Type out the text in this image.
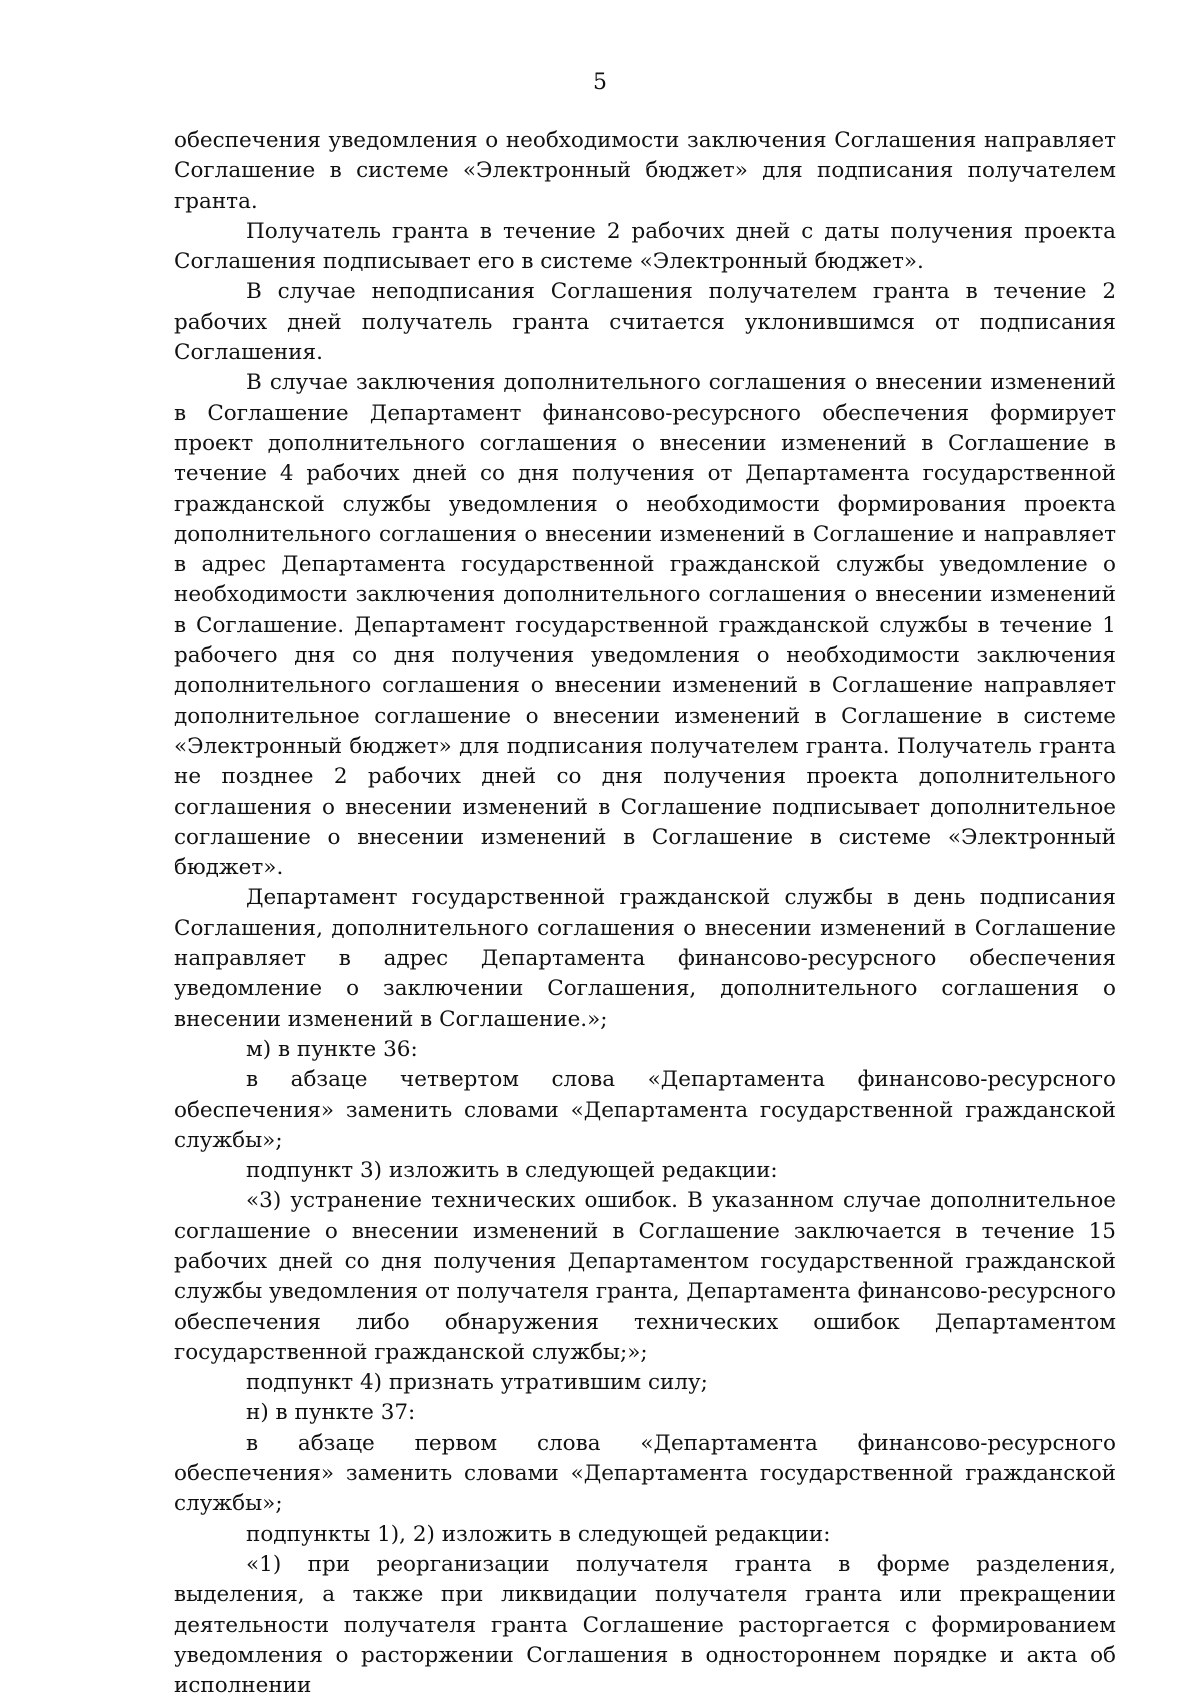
5

обеспечения уведомления о необходимости заключения Соглашения направляет Соглашение в системе «Электронный бюджет» для подписания получателем гранта.

Получатель гранта в течение 2 рабочих дней с даты получения проекта Соглашения подписывает его в системе «Электронный бюджет».

В случае неподписания Соглашения получателем гранта в течение 2 рабочих дней получатель гранта считается уклонившимся от подписания Соглашения.

В случае заключения дополнительного соглашения о внесении изменений в Соглашение Департамент финансово-ресурсного обеспечения формирует проект дополнительного соглашения о внесении изменений в Соглашение в течение 4 рабочих дней со дня получения от Департамента государственной гражданской службы уведомления о необходимости формирования проекта дополнительного соглашения о внесении изменений в Соглашение и направляет в адрес Департамента государственной гражданской службы уведомление о необходимости заключения дополнительного соглашения о внесении изменений в Соглашение. Департамент государственной гражданской службы в течение 1 рабочего дня со дня получения уведомления о необходимости заключения дополнительного соглашения о внесении изменений в Соглашение направляет дополнительное соглашение о внесении изменений в Соглашение в системе «Электронный бюджет» для подписания получателем гранта. Получатель гранта не позднее 2 рабочих дней со дня получения проекта дополнительного соглашения о внесении изменений в Соглашение подписывает дополнительное соглашение о внесении изменений в Соглашение в системе «Электронный бюджет».

Департамент государственной гражданской службы в день подписания Соглашения, дополнительного соглашения о внесении изменений в Соглашение направляет в адрес Департамента финансово-ресурсного обеспечения уведомление о заключении Соглашения, дополнительного соглашения о внесении изменений в Соглашение.»;

м) в пункте 36:

в абзаце четвертом слова «Департамента финансово-ресурсного обеспечения» заменить словами «Департамента государственной гражданской службы»;

подпункт 3) изложить в следующей редакции:

«3) устранение технических ошибок. В указанном случае дополнительное соглашение о внесении изменений в Соглашение заключается в течение 15 рабочих дней со дня получения Департаментом государственной гражданской службы уведомления от получателя гранта, Департамента финансово-ресурсного обеспечения либо обнаружения технических ошибок Департаментом государственной гражданской службы;»;

подпункт 4) признать утратившим силу;

н) в пункте 37:

в абзаце первом слова «Департамента финансово-ресурсного обеспечения» заменить словами «Департамента государственной гражданской службы»;

подпункты 1), 2) изложить в следующей редакции:

«1) при реорганизации получателя гранта в форме разделения, выделения, а также при ликвидации получателя гранта или прекращении деятельности получателя гранта Соглашение расторгается с формированием уведомления о расторжении Соглашения в одностороннем порядке и акта об исполнении
